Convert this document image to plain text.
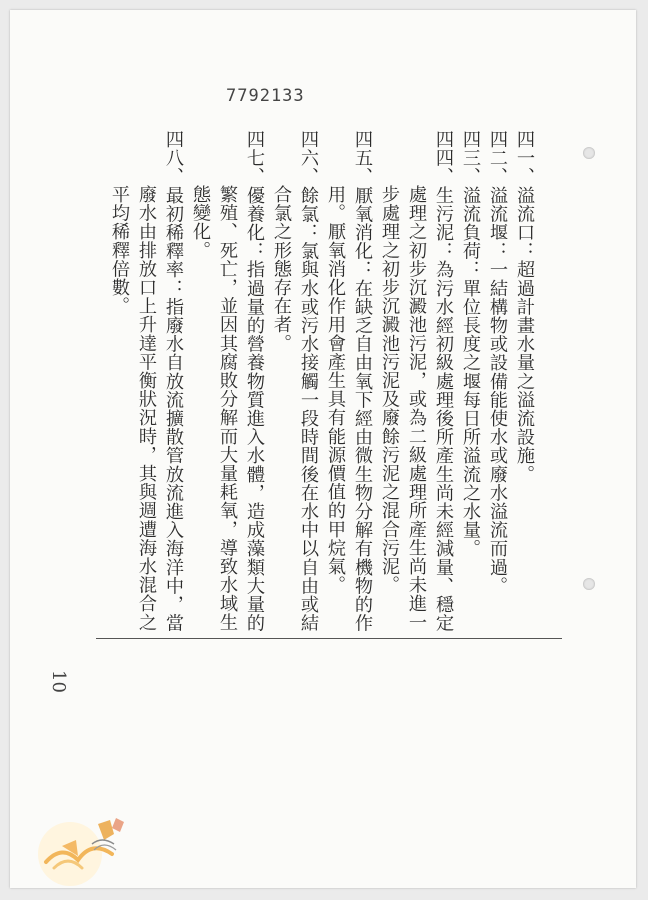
7792133
四一、溢流口：超過計畫水量之溢流設施。
四二、溢流堰：一結構物或設備能使水或廢水溢流而過。
四三、溢流負荷：單位長度之堰每日所溢流之水量。
四四、生污泥：為污水經初級處理後所產生尚未經減量、穩定
處理之初步沉澱池污泥，或為二級處理所產生尚未進一
步處理之初步沉澱池污泥及廢餘污泥之混合污泥。
四五、厭氧消化：在缺乏自由氧下經由微生物分解有機物的作
用。厭氧消化作用會產生具有能源價值的甲烷氣。
四六、餘氯：氯與水或污水接觸一段時間後在水中以自由或結
合氯之形態存在者。
四七、優養化：指過量的營養物質進入水體，造成藻類大量的
繁殖、死亡，並因其腐敗分解而大量耗氧，導致水域生
態變化。
四八、最初稀釋率：指廢水自放流擴散管放流進入海洋中，當
廢水由排放口上升達平衡狀況時，其與週遭海水混合之
平均稀釋倍數。
10
